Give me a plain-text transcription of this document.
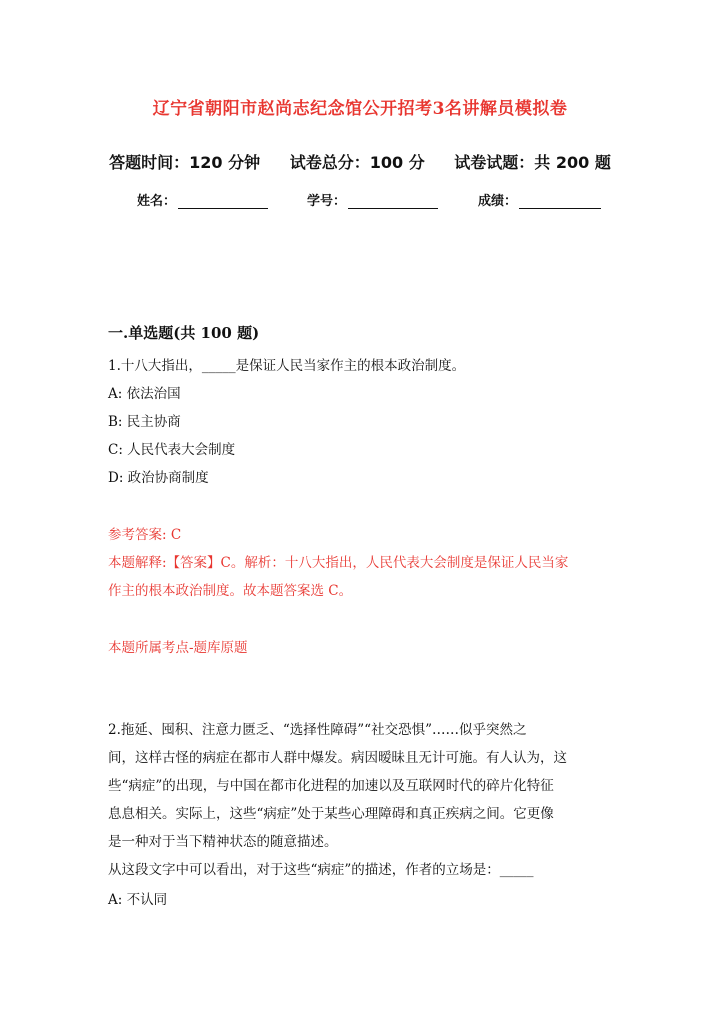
辽宁省朝阳市赵尚志纪念馆公开招考3名讲解员模拟卷
答题时间：120 分钟 试卷总分：100 分 试卷试题：共 200 题
姓名：	学号：	成绩：
一.单选题(共 100 题)
1.十八大指出，_____是保证人民当家作主的根本政治制度。
A: 依法治国
B: 民主协商
C: 人民代表大会制度
D: 政治协商制度
参考答案: C
本题解释:【答案】C。解析：十八大指出，人民代表大会制度是保证人民当家
作主的根本政治制度。故本题答案选 C。
本题所属考点-题库原题
2.拖延、囤积、注意力匮乏、“选择性障碍”“社交恐惧”……似乎突然之
间，这样古怪的病症在都市人群中爆发。病因暧昧且无计可施。有人认为，这
些“病症”的出现，与中国在都市化进程的加速以及互联网时代的碎片化特征
息息相关。实际上，这些“病症”处于某些心理障碍和真正疾病之间。它更像
是一种对于当下精神状态的随意描述。
从这段文字中可以看出，对于这些“病症”的描述，作者的立场是：_____
A: 不认同
